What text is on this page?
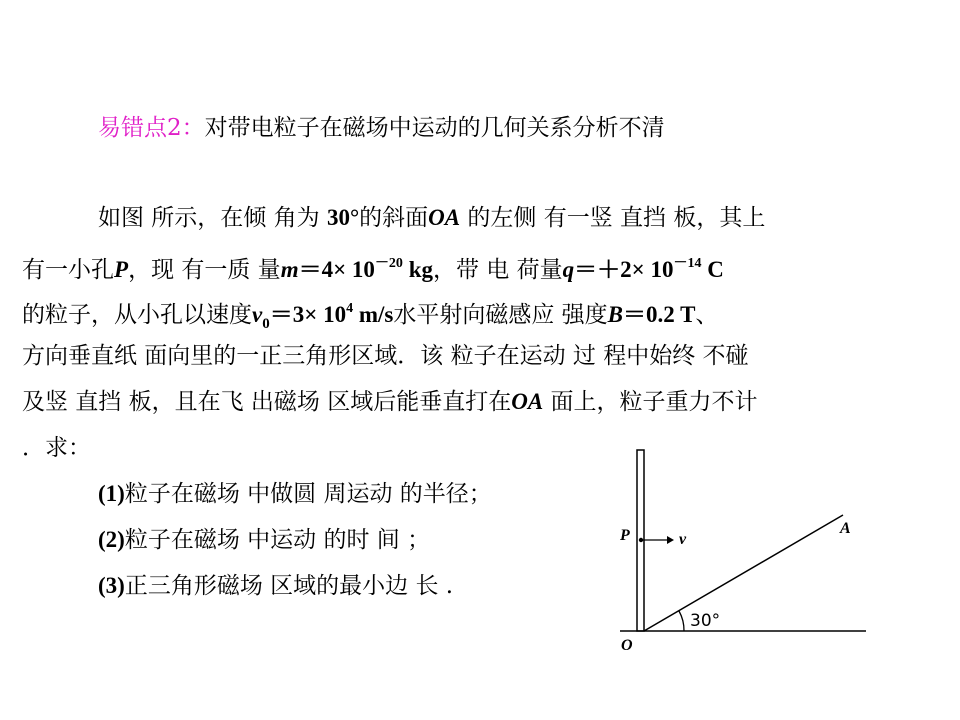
易错点2：对带电粒子在磁场中运动的几何关系分析不清
如图 所示，在倾 角为 30°的斜面OA 的左侧 有一竖 直挡 板，其上
有一小孔P，现 有一质 量$m=4\times 10^{-20}$ kg，带 电 荷量$q=+2\times 10^{-14}$ C
的粒子，从小孔以速度$v_0=3\times 10^4$ m/s水平射向磁感应 强度B＝0.2 T、
方向垂直纸 面向里的一正三角形区域．该 粒子在运动 过 程中始终 不碰
及竖 直挡 板，且在飞 出磁场 区域后能垂直打在OA 面上，粒子重力不计
．求：
(1)粒子在磁场 中做圆 周运动 的半径；
(2)粒子在磁场 中运动 的时 间 ；
(3)正三角形磁场 区域的最小边 长 .
P	v
A
O
30°
